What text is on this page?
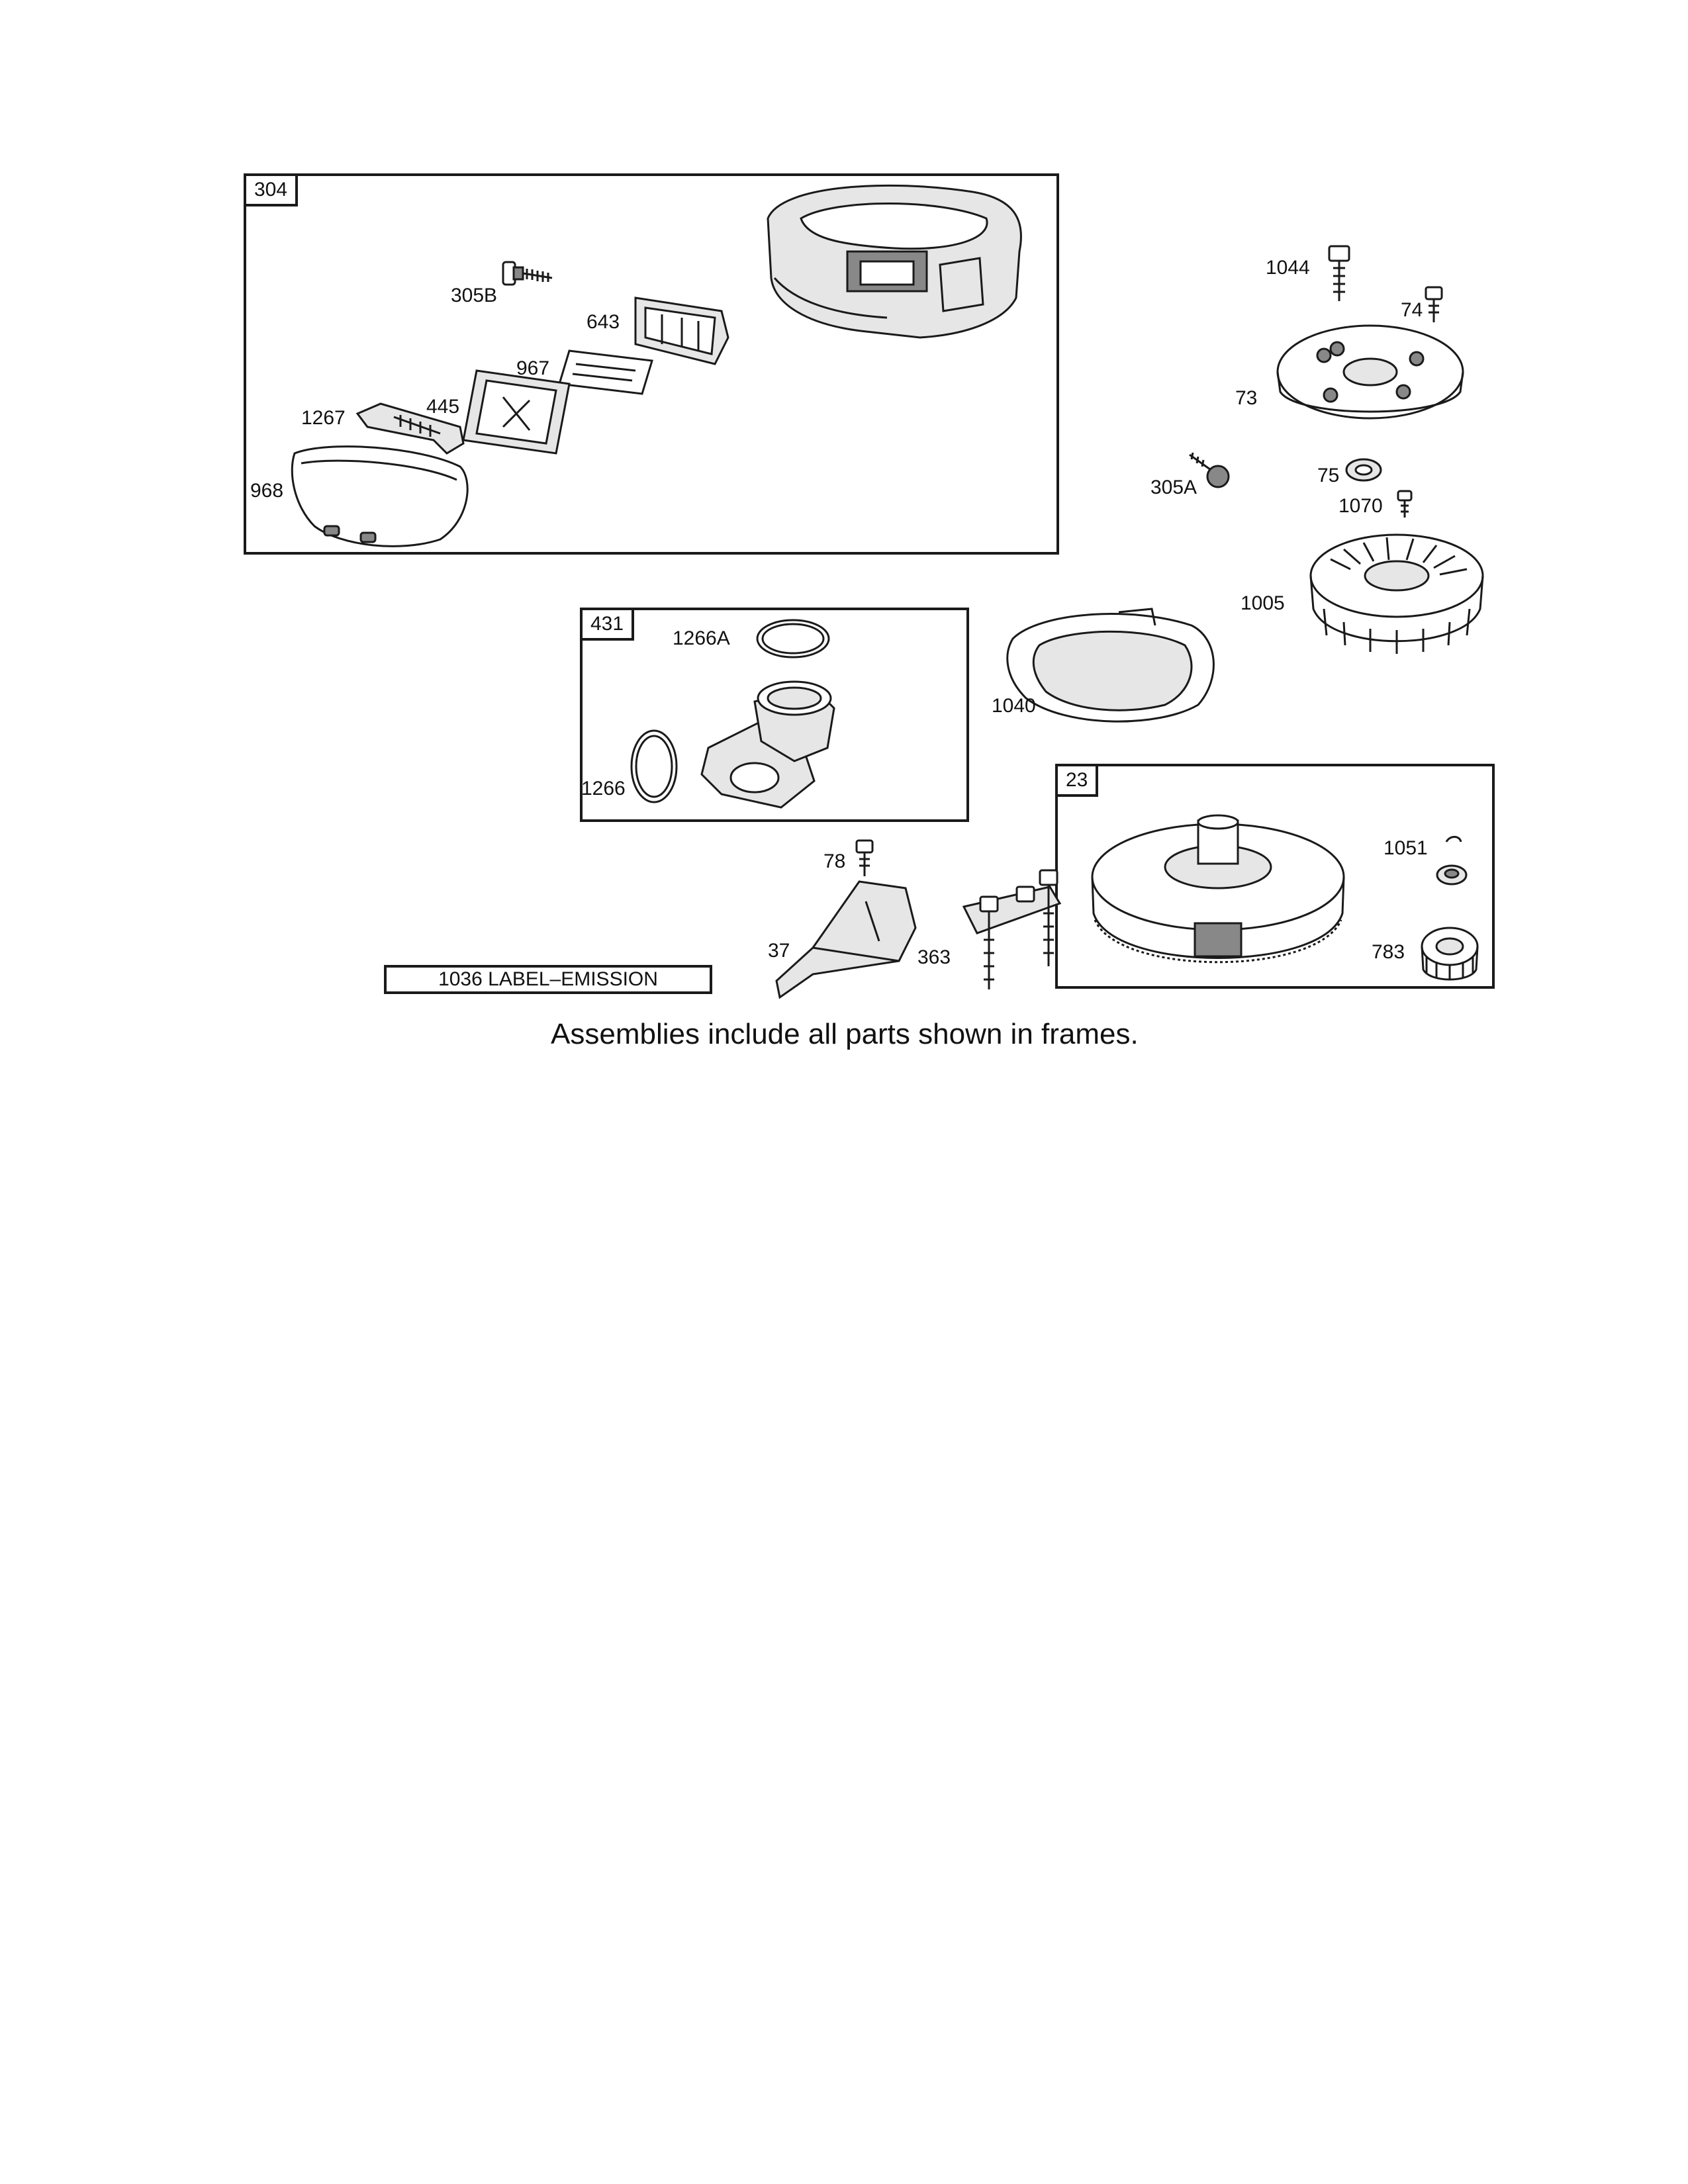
304
305B
643
967
445
1267
968
1044
74
73
305A
75
1070
1005
431
1266A
1266
1040
23
1051
783
78
37	363
1036 LABEL–EMISSION
Assemblies include all parts shown in frames.
